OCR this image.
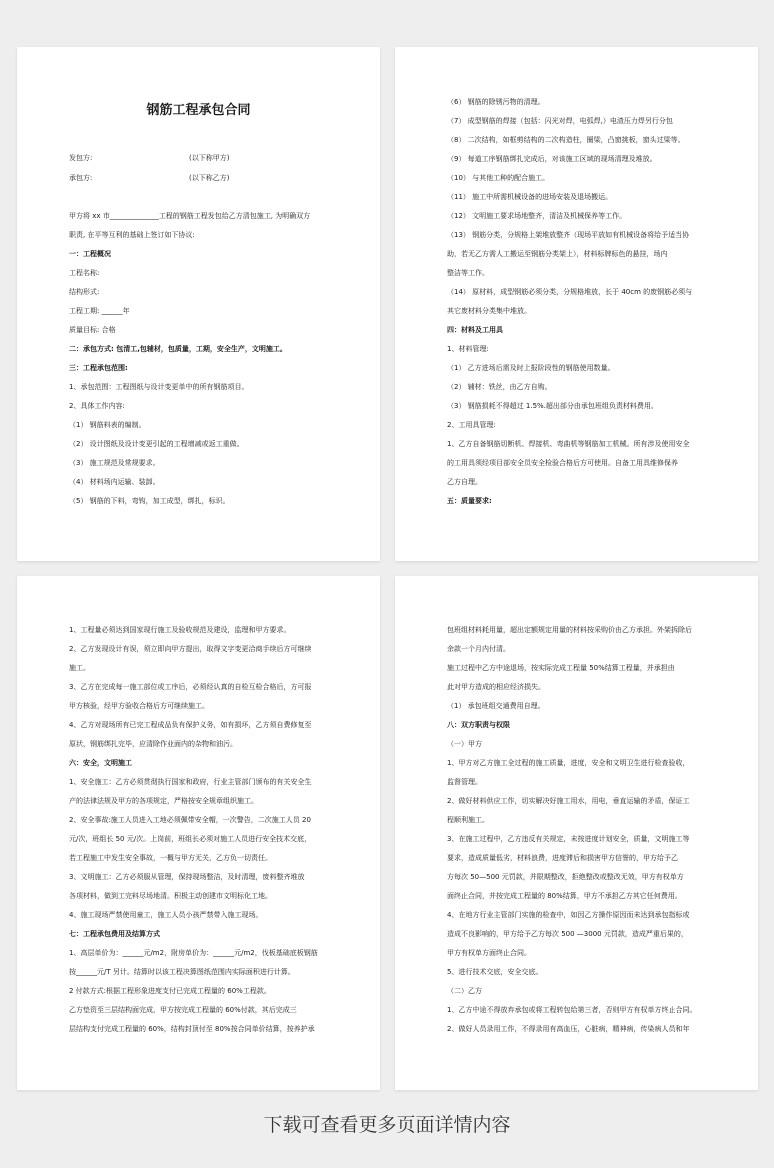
钢筋工程承包合同

发包方:	(以下称甲方)

承包方:	(以下称乙方)

甲方将 xx 市______________工程的钢筋工程发包给乙方清包施工, 为明确双方

职责, 在平等互利的基础上签订如下协议:

一：工程概况

工程名称:

结构形式:

工程工期: ______年

质量目标: 合格

二：承包方式: 包清工,包辅材，包质量，工期，安全生产，文明施工。

三：工程承包范围:

1、承包范围：工程图纸与设计变更单中的所有钢筋项目。

2、具体工作内容:

（1） 钢筋料表的编制。

（2） 设计图纸及设计变更引起的工程增减或返工重做。

（3） 施工规范及常规要求。

（4） 材料场内运输、装卸。

（5） 钢筋的下料，弯钩，加工成型，绑扎，标识。

（6） 钢筋的除锈污物的清理。

（7） 成型钢筋的焊接（包括：闪光对焊，电弧焊,）电渣压力焊另行分包

（8） 二次结构，如框剪结构的二次构造柱，圈梁，凸窗挑板，窗头过梁等。

（9） 每道工序钢筋绑扎完成后，对该施工区域的现场清理及堆放。

（10） 与其他工种的配合施工。

（11） 施工中所需机械设备的进场安装及退场搬运。

（12） 文明施工要求场地整齐，清洁及机械保养等工作。

（13） 钢筋分类，分规格上架堆放整齐（现场平放如有机械设备将给予适当协

助，若无乙方需人工搬运至钢筋分类架上），材料标牌标色的悬挂，场内

整洁等工作。

（14） 原材料，成型钢筋必须分类，分规格堆放，长于 40cm 的废钢筋必须与

其它废材料分类集中堆放。

四：材料及工用具

1、材料管理:

（1） 乙方进场后需及时上报阶段性的钢筋使用数量。

（2） 辅材：铁丝，由乙方自购。

（3） 钢筋损耗不得超过 1.5%.超出部分由承包班组负责材料费用。

2、工用具管理:

1、乙方自备钢筋切断机、焊接机、弯曲机等钢筋加工机械。所有涉及使用安全

的工用具须经项目部安全员安全检验合格后方可使用。自备工用具维修保养

乙方自理。

五：质量要求:

1、工程量必须达到国家现行施工及验收规范及建设，监理和甲方要求。

2、乙方发现设计有误，须立即向甲方提出，取得文字变更洽商手续后方可继续

施工。

3、乙方在完成每一施工部位或工序后，必须经认真的自检互检合格后，方可报

甲方核验，经甲方验收合格后方可继续施工。

4、乙方对现场所有已完工程成品负有保护义务，如有损坏，乙方须自费修复至

原状，钢筋绑扎完毕，应清除作业面内的杂物和油污。

六：安全，文明施工

1、安全施工：乙方必须贯彻执行国家和政府，行业主管部门颁布的有关安全生

产的法律法规及甲方的各项规定，严格按安全规章组织施工。

2、安全事故:施工人员进入工地必须佩带安全帽，一次警告，二次施工人员 20

元/次，班组长 50 元/次。上岗前，班组长必须对施工人员进行安全技术交底，

若工程施工中发生安全事故，一概与甲方无关，乙方负一切责任。

3、文明施工：乙方必须服从管理，保持现场整洁，及时清理，废料整齐堆放

各项材料，做到工完料尽场地清。积极主动创建市文明标化工地。

4、施工现场严禁使用童工，施工人员小孩严禁带入施工现场。

七：工程承包费用及结算方式

1、高层单价为：______元/m2，附房单价为：______元/m2，伐板基础底板钢筋

按______元/T 另计。结算时以该工程决算图纸范围内实际面积进行计算。

2 付款方式:根据工程形象进度支付已完成工程量的 60%工程款。

乙方垫资至三层结构面完成，甲方按完成工程量的 60%付款，其后完成三

层结构支付完成工程量的 60%，结构封顶付至 80%按合同单价结算，按养护承

包班组材料耗用量，超出定额规定用量的材料按采购价由乙方承担。外架拆除后

余款一个月内付清。

施工过程中乙方中途退场，按实际完成工程量 50%结算工程量，并承担由

此对甲方造成的相应经济损失。

（1） 承包班组交通费用自理。

八：双方职责与权限

（一）甲方

1、甲方对乙方施工全过程的施工质量，进度，安全和文明卫生进行检查验收，

监督管理。

2、做好材料供应工作，切实解决好施工用水，用电，垂直运输的矛盾，保证工

程顺利施工。

3、在施工过程中，乙方违反有关规定，未按进度计划安全，质量，文明施工等

要求，造成质量低劣，材料浪费，进度滞后和损害甲方信誉的，甲方给予乙

方每次 50—500 元罚款，并限期整改，拒绝整改或整改无效，甲方有权单方

面终止合同，并按完成工程量的 80%结算，甲方不承担乙方其它任何费用。

4、在地方行业主管部门实施的检查中，如因乙方操作原因而未达到承包指标或

造成不良影响的，甲方给予乙方每次 500 —3000 元罚款，造成严重后果的，

甲方有权单方面终止合同。

5、进行技术交底，安全交底。

（二）乙方

1、乙方中途不得放弃承包或将工程转包给第三者，否则甲方有权单方终止合同。

2、做好人员录用工作，不得录用有高血压，心脏病，精神病，传染病人员和年

下载可查看更多页面详情内容
